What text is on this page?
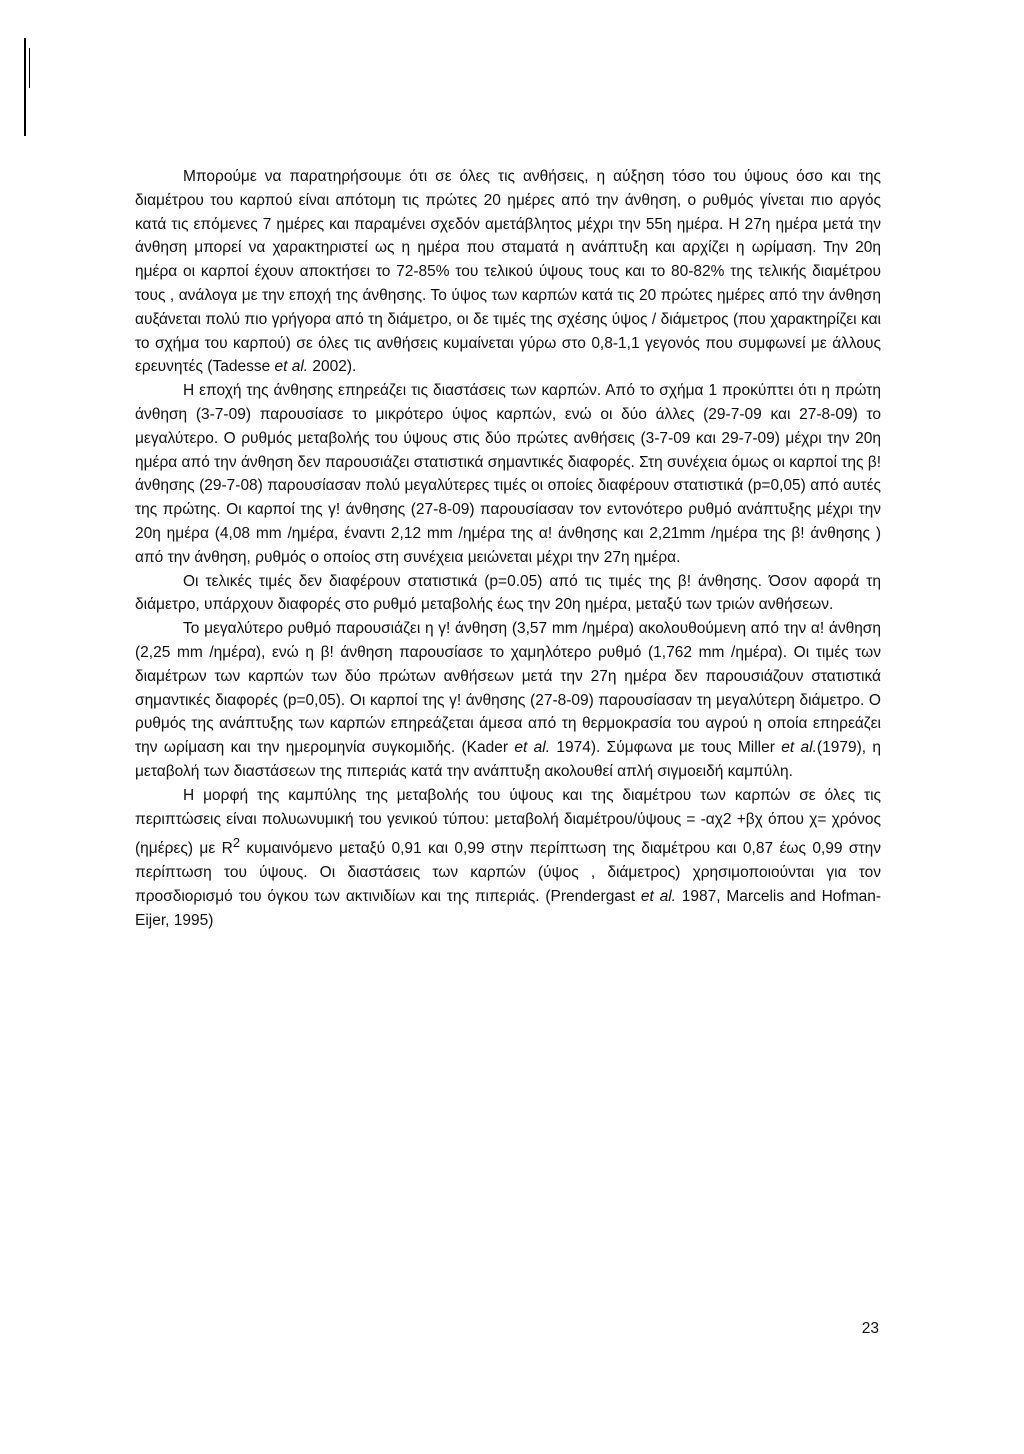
Μπορούμε να παρατηρήσουμε ότι σε όλες τις ανθήσεις, η αύξηση τόσο του ύψους όσο και της διαμέτρου του καρπού είναι απότομη τις πρώτες 20 ημέρες από την άνθηση, ο ρυθμός γίνεται πιο αργός κατά τις επόμενες 7 ημέρες και παραμένει σχεδόν αμετάβλητος μέχρι την 55η ημέρα. Η 27η ημέρα μετά την άνθηση μπορεί να χαρακτηριστεί ως η ημέρα που σταματά η ανάπτυξη και αρχίζει η ωρίμαση. Την 20η ημέρα οι καρποί έχουν αποκτήσει το 72-85% του τελικού ύψους τους και το 80-82% της τελικής διαμέτρου τους , ανάλογα με την εποχή της άνθησης. Το ύψος των καρπών κατά τις 20 πρώτες ημέρες από την άνθηση αυξάνεται πολύ πιο γρήγορα από τη διάμετρο, οι δε τιμές της σχέσης ύψος / διάμετρος (που χαρακτηρίζει και το σχήμα του καρπού) σε όλες τις ανθήσεις κυμαίνεται γύρω στο 0,8-1,1 γεγονός που συμφωνεί με άλλους ερευνητές (Tadesse et al. 2002).

Η εποχή της άνθησης επηρεάζει τις διαστάσεις των καρπών. Από το σχήμα 1 προκύπτει ότι η πρώτη άνθηση (3-7-09) παρουσίασε το μικρότερο ύψος καρπών, ενώ οι δύο άλλες (29-7-09 και 27-8-09) το μεγαλύτερο. Ο ρυθμός μεταβολής του ύψους στις δύο πρώτες ανθήσεις (3-7-09 και 29-7-09) μέχρι την 20η ημέρα από την άνθηση δεν παρουσιάζει στατιστικά σημαντικές διαφορές. Στη συνέχεια όμως οι καρποί της β! άνθησης (29-7-08) παρουσίασαν πολύ μεγαλύτερες τιμές οι οποίες διαφέρουν στατιστικά (p=0,05) από αυτές της πρώτης. Οι καρποί της γ! άνθησης (27-8-09) παρουσίασαν τον εντονότερο ρυθμό ανάπτυξης μέχρι την 20η ημέρα (4,08 mm /ημέρα, έναντι 2,12 mm /ημέρα της α! άνθησης και 2,21mm /ημέρα της β! άνθησης ) από την άνθηση, ρυθμός ο οποίος στη συνέχεια μειώνεται μέχρι την 27η ημέρα.

Οι τελικές τιμές δεν διαφέρουν στατιστικά (p=0.05) από τις τιμές της β! άνθησης. Όσον αφορά τη διάμετρο, υπάρχουν διαφορές στο ρυθμό μεταβολής έως την 20η ημέρα, μεταξύ των τριών ανθήσεων.

Το μεγαλύτερο ρυθμό παρουσιάζει η γ! άνθηση (3,57 mm /ημέρα) ακολουθούμενη από την α! άνθηση (2,25 mm /ημέρα), ενώ η β! άνθηση παρουσίασε το χαμηλότερο ρυθμό (1,762 mm /ημέρα). Οι τιμές των διαμέτρων των καρπών των δύο πρώτων ανθήσεων μετά την 27η ημέρα δεν παρουσιάζουν στατιστικά σημαντικές διαφορές (p=0,05). Οι καρποί της γ! άνθησης (27-8-09) παρουσίασαν τη μεγαλύτερη διάμετρο. Ο ρυθμός της ανάπτυξης των καρπών επηρεάζεται άμεσα από τη θερμοκρασία του αγρού η οποία επηρεάζει την ωρίμαση και την ημερομηνία συγκομιδής. (Kader et al. 1974). Σύμφωνα με τους Miller et al.(1979), η μεταβολή των διαστάσεων της πιπεριάς κατά την ανάπτυξη ακολουθεί απλή σιγμοειδή καμπύλη.

Η μορφή της καμπύλης της μεταβολής του ύψους και της διαμέτρου των καρπών σε όλες τις περιπτώσεις είναι πολυωνυμική του γενικού τύπου: μεταβολή διαμέτρου/ύψους = -αχ2 +βχ όπου χ= χρόνος (ημέρες) με $R^2$ κυμαινόμενο μεταξύ 0,91 και 0,99 στην περίπτωση της διαμέτρου και 0,87 έως 0,99 στην περίπτωση του ύψους. Οι διαστάσεις των καρπών (ύψος , διάμετρος) χρησιμοποιούνται για τον προσδιορισμό του όγκου των ακτινιδίων και της πιπεριάς. (Prendergast et al. 1987, Marcelis and Hofman-Eijer, 1995)

23
